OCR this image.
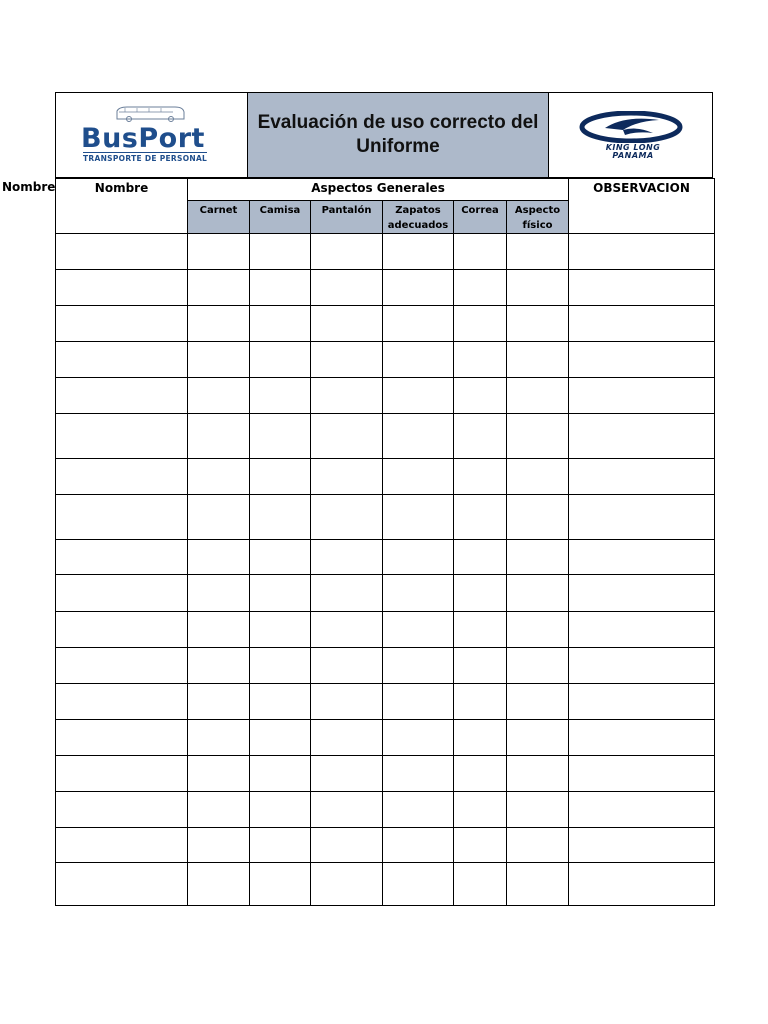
Nombre
BusPort
TRANSPORTE DE PERSONAL
Evaluación de uso correcto del Uniforme	KING LONG
PANAMA
Nombre	Aspectos Generales						OBSERVACION
	Carnet	Camisa	Pantalón	Zapatos adecuados	Correa	Aspecto físico	
